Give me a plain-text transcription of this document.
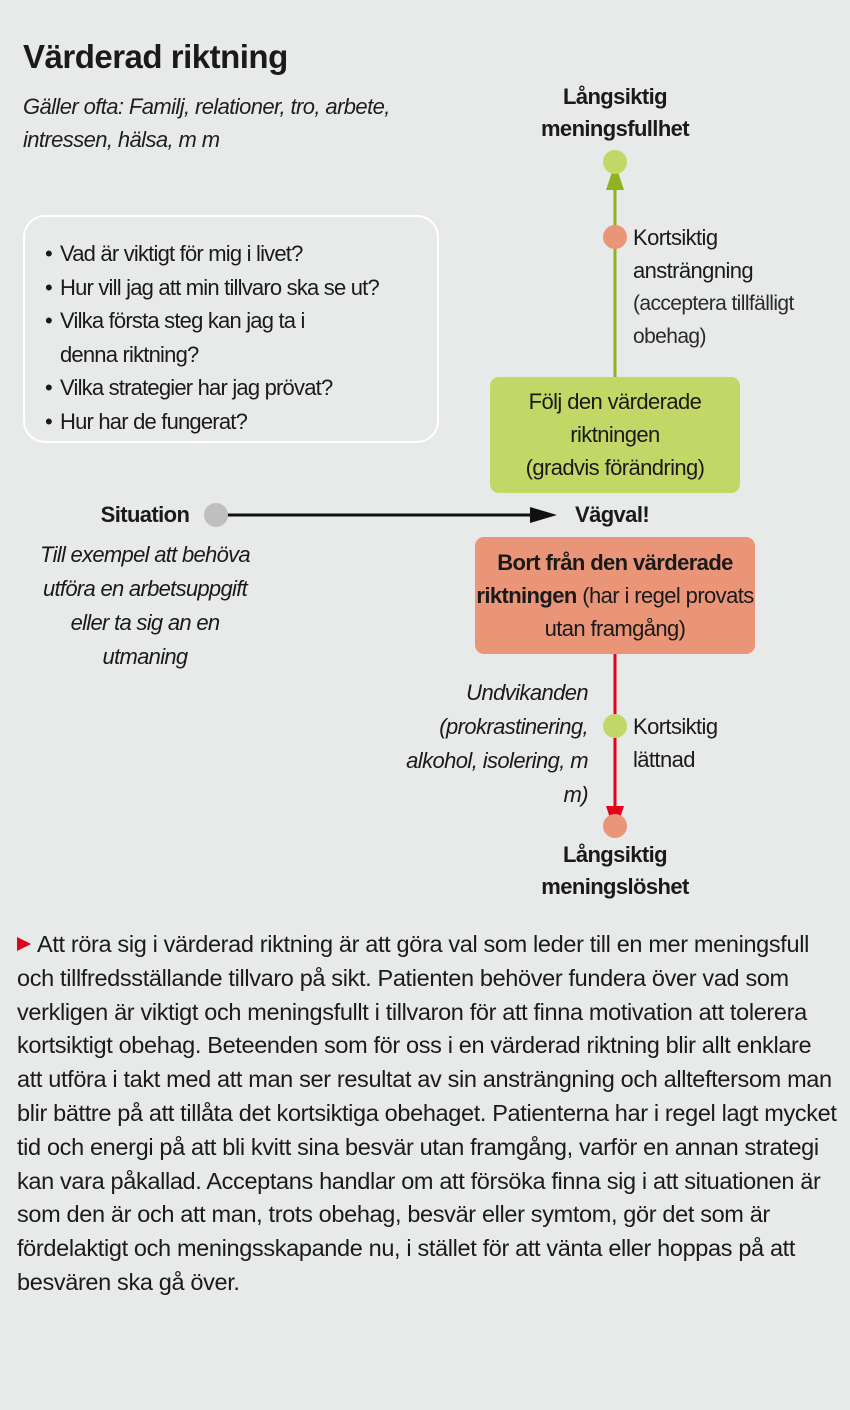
Värderad riktning
Gäller ofta: Familj, relationer, tro, arbete, intressen, hälsa, m m
• Vad är viktigt för mig i livet?
• Hur vill jag att min tillvaro ska se ut?
• Vilka första steg kan jag ta i denna riktning?
• Vilka strategier har jag prövat?
• Hur har de fungerat?
Långsiktig
meningsfullhet
Kortsiktig
ansträngning
(acceptera tillfälligt
obehag)
Följ den värderade
riktningen
(gradvis förändring)
Situation
Till exempel att behöva utföra en arbetsuppgift eller ta sig an en utmaning
Vägval!
Bort från den värderade riktningen (har i regel provats utan framgång)
Undvikanden (prokrastinering, alkohol, isolering, m m)
Kortsiktig
lättnad
Långsiktig
meningslöshet
Att röra sig i värderad riktning är att göra val som leder till en mer meningsfull och tillfredsställande tillvaro på sikt. Patienten behöver fundera över vad som verkligen är viktigt och meningsfullt i tillvaron för att finna motivation att tolerera kortsiktigt obehag. Beteenden som för oss i en värderad riktning blir allt enklare att utföra i takt med att man ser resultat av sin ansträngning och allteftersom man blir bättre på att tillåta det kortsiktiga obehaget. Patienterna har i regel lagt mycket tid och energi på att bli kvitt sina besvär utan framgång, varför en annan strategi kan vara påkallad. Acceptans handlar om att försöka finna sig i att situationen är som den är och att man, trots obehag, besvär eller symtom, gör det som är fördelaktigt och meningsskapande nu, i stället för att vänta eller hoppas på att besvären ska gå över.
